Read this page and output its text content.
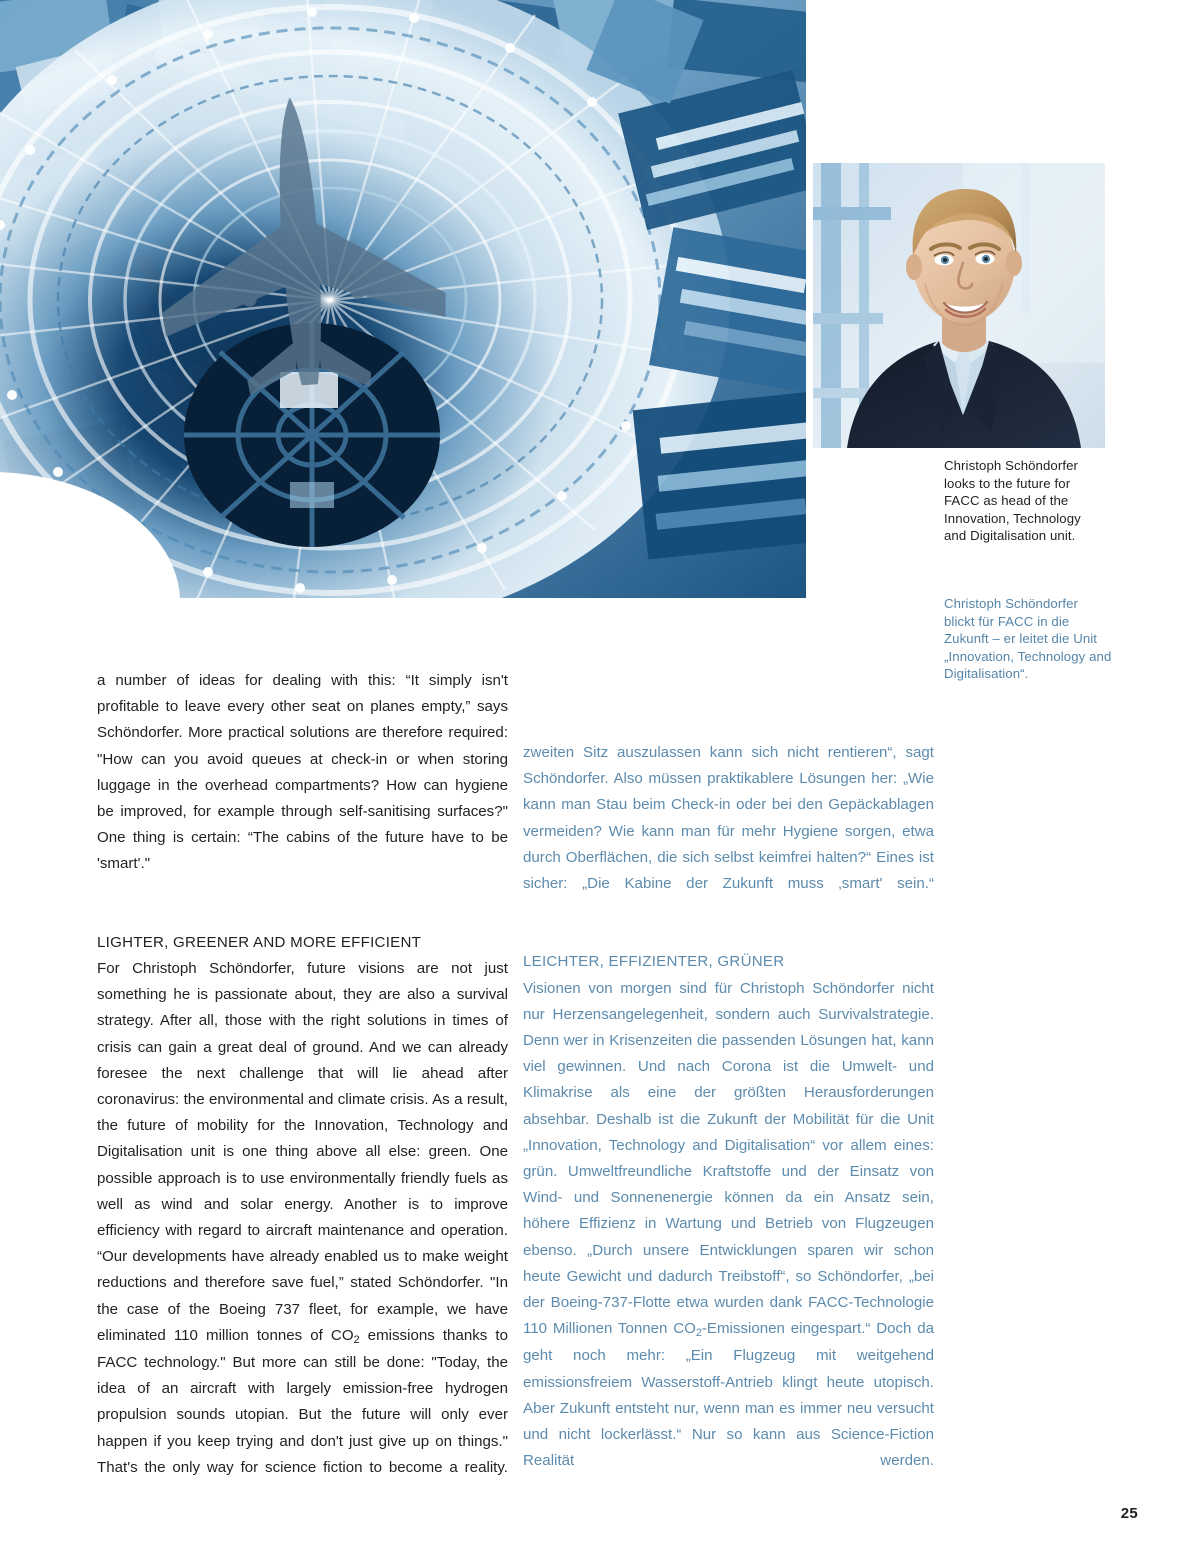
Christoph Schöndorfer looks to the future for FACC as head of the Innovation, Technology and Digitalisation unit.
Christoph Schöndorfer blickt für FACC in die Zukunft – er leitet die Unit „Innovation, Technology and Digitalisation“.

a number of ideas for dealing with this: “It simply isn't profitable to leave every other seat on planes empty,” says Schöndorfer. More practical solutions are therefore required: "How can you avoid queues at check-in or when storing luggage in the overhead compartments? How can hygiene be improved, for example through self-sanitising surfaces?" One thing is certain: “The cabins of the future have to be 'smart'."

LIGHTER, GREENER AND MORE EFFICIENT
For Christoph Schöndorfer, future visions are not just something he is passionate about, they are also a survival strategy. After all, those with the right solutions in times of crisis can gain a great deal of ground. And we can already foresee the next challenge that will lie ahead after coronavirus: the environmental and climate crisis. As a result, the future of mobility for the Innovation, Technology and Digitalisation unit is one thing above all else: green. One possible approach is to use environmentally friendly fuels as well as wind and solar energy. Another is to improve efficiency with regard to aircraft maintenance and operation. “Our developments have already enabled us to make weight reductions and therefore save fuel,” stated Schöndorfer. "In the case of the Boeing 737 fleet, for example, we have eliminated 110 million tonnes of $CO_2$ emissions thanks to FACC technology." But more can still be done: "Today, the idea of an aircraft with largely emission-free hydrogen propulsion sounds utopian. But the future will only ever happen if you keep trying and don't just give up on things." That's the only way for science fiction to become a reality.

zweiten Sitz auszulassen kann sich nicht rentieren“, sagt Schöndorfer. Also müssen praktikablere Lösungen her: „Wie kann man Stau beim Check-in oder bei den Gepäckablagen vermeiden? Wie kann man für mehr Hygiene sorgen, etwa durch Oberflächen, die sich selbst keimfrei halten?“ Eines ist sicher: „Die Kabine der Zukunft muss ‚smart' sein.“

LEICHTER, EFFIZIENTER, GRÜNER
Visionen von morgen sind für Christoph Schöndorfer nicht nur Herzensangelegenheit, sondern auch Survivalstrategie. Denn wer in Krisenzeiten die passenden Lösungen hat, kann viel gewinnen. Und nach Corona ist die Umwelt- und Klimakrise als eine der größten Herausforderungen absehbar. Deshalb ist die Zukunft der Mobilität für die Unit „Innovation, Technology and Digitalisation“ vor allem eines: grün. Umweltfreundliche Kraftstoffe und der Einsatz von Wind- und Sonnenenergie können da ein Ansatz sein, höhere Effizienz in Wartung und Betrieb von Flugzeugen ebenso. „Durch unsere Entwicklungen sparen wir schon heute Gewicht und dadurch Treibstoff“, so Schöndorfer, „bei der Boeing-737-Flotte etwa wurden dank FACC-Technologie 110 Millionen Tonnen $CO_2$-Emissionen eingespart.“ Doch da geht noch mehr: „Ein Flugzeug mit weitgehend emissionsfreiem Wasserstoff-Antrieb klingt heute utopisch. Aber Zukunft entsteht nur, wenn man es immer neu versucht und nicht lockerlässt.“ Nur so kann aus Science-Fiction Realität werden.

25
